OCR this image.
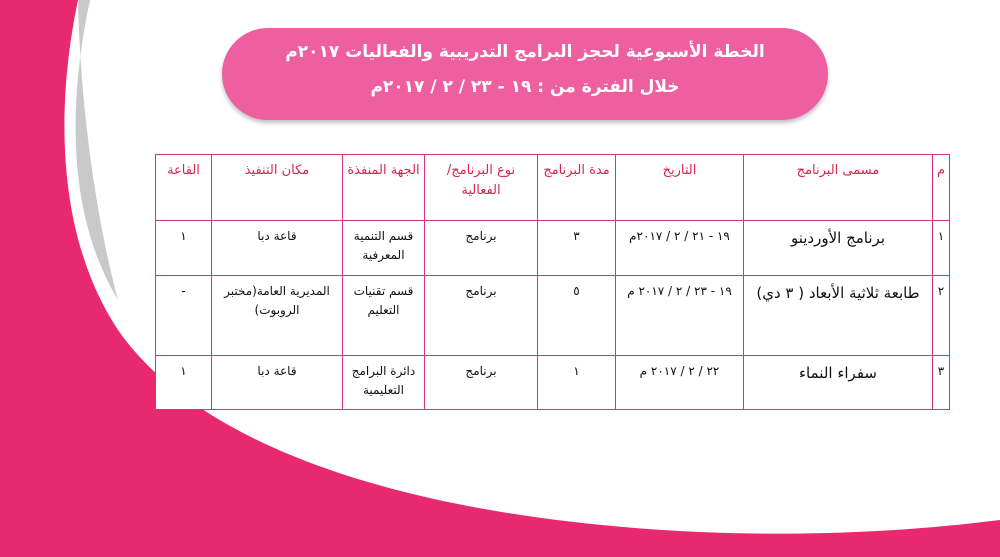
الخطة الأسبوعية لحجز البرامج التدريبية والفعاليات ٢٠١٧م
خلال الفترة من : ١٩ - ٢٣ / ٢ / ٢٠١٧م
م	مسمى البرنامج	التاريخ	مدة البرنامج	نوع البرنامج/ الفعالية	الجهة المنفذة	مكان التنفيذ	القاعة
١	برنامج الأوردينو	١٩ - ٢١ / ٢ / ٢٠١٧م	٣	برنامج	قسم التنمية المعرفية	قاعة دبا	١
٢	طابعة ثلاثية الأبعاد ( ٣ دي)	١٩ - ٢٣ / ٢ / ٢٠١٧ م	٥	برنامج	قسم تقنيات التعليم	المديرية العامة(مختبر الروبوت)	-
٣	سفراء النماء	٢٢ / ٢ / ٢٠١٧ م	١	برنامج	دائرة البرامج التعليمية	قاعة دبا	١
